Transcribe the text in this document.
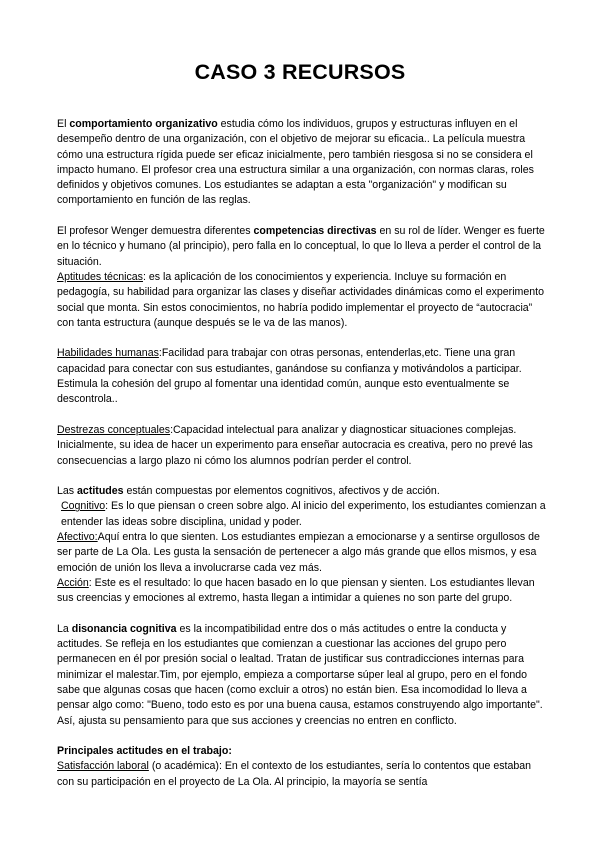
CASO 3 RECURSOS

El comportamiento organizativo estudia cómo los individuos, grupos y estructuras influyen en el desempeño dentro de una organización, con el objetivo de mejorar su eficacia.. La película muestra cómo una estructura rígida puede ser eficaz inicialmente, pero también riesgosa si no se considera el impacto humano. El profesor crea una estructura similar a una organización, con normas claras, roles definidos y objetivos comunes. Los estudiantes se adaptan a esta "organización" y modifican su comportamiento en función de las reglas.

El profesor Wenger demuestra diferentes competencias directivas en su rol de líder. Wenger es fuerte en lo técnico y humano (al principio), pero falla en lo conceptual, lo que lo lleva a perder el control de la situación.

Aptitudes técnicas: es la aplicación de los conocimientos y experiencia. Incluye su formación en pedagogía, su habilidad para organizar las clases y diseñar actividades dinámicas como el experimento social que monta. Sin estos conocimientos, no habría podido implementar el proyecto de “autocracia” con tanta estructura (aunque después se le va de las manos).

Habilidades humanas:Facilidad para trabajar con otras personas, entenderlas,etc. Tiene una gran capacidad para conectar con sus estudiantes, ganándose su confianza y motivándolos a participar. Estimula la cohesión del grupo al fomentar una identidad común, aunque esto eventualmente se descontrola..

Destrezas conceptuales:Capacidad intelectual para analizar y diagnosticar situaciones complejas. Inicialmente, su idea de hacer un experimento para enseñar autocracia es creativa, pero no prevé las consecuencias a largo plazo ni cómo los alumnos podrían perder el control.

Las actitudes están compuestas por elementos cognitivos, afectivos y de acción.

Cognitivo: Es lo que piensan o creen sobre algo. Al inicio del experimento, los estudiantes comienzan a entender las ideas sobre disciplina, unidad y poder.

Afectivo:Aquí entra lo que sienten. Los estudiantes empiezan a emocionarse y a sentirse orgullosos de ser parte de La Ola. Les gusta la sensación de pertenecer a algo más grande que ellos mismos, y esa emoción de unión los lleva a involucrarse cada vez más.

Acción: Este es el resultado: lo que hacen basado en lo que piensan y sienten. Los estudiantes llevan sus creencias y emociones al extremo, hasta llegan a intimidar a quienes no son parte del grupo.

La disonancia cognitiva es la incompatibilidad entre dos o más actitudes o entre la conducta y actitudes. Se refleja en los estudiantes que comienzan a cuestionar las acciones del grupo pero permanecen en él por presión social o lealtad. Tratan de justificar sus contradicciones internas para minimizar el malestar.Tim, por ejemplo, empieza a comportarse súper leal al grupo, pero en el fondo sabe que algunas cosas que hacen (como excluir a otros) no están bien. Esa incomodidad lo lleva a pensar algo como: "Bueno, todo esto es por una buena causa, estamos construyendo algo importante". Así, ajusta su pensamiento para que sus acciones y creencias no entren en conflicto.

Principales actitudes en el trabajo:

Satisfacción laboral (o académica): En el contexto de los estudiantes, sería lo contentos que estaban con su participación en el proyecto de La Ola. Al principio, la mayoría se sentía
